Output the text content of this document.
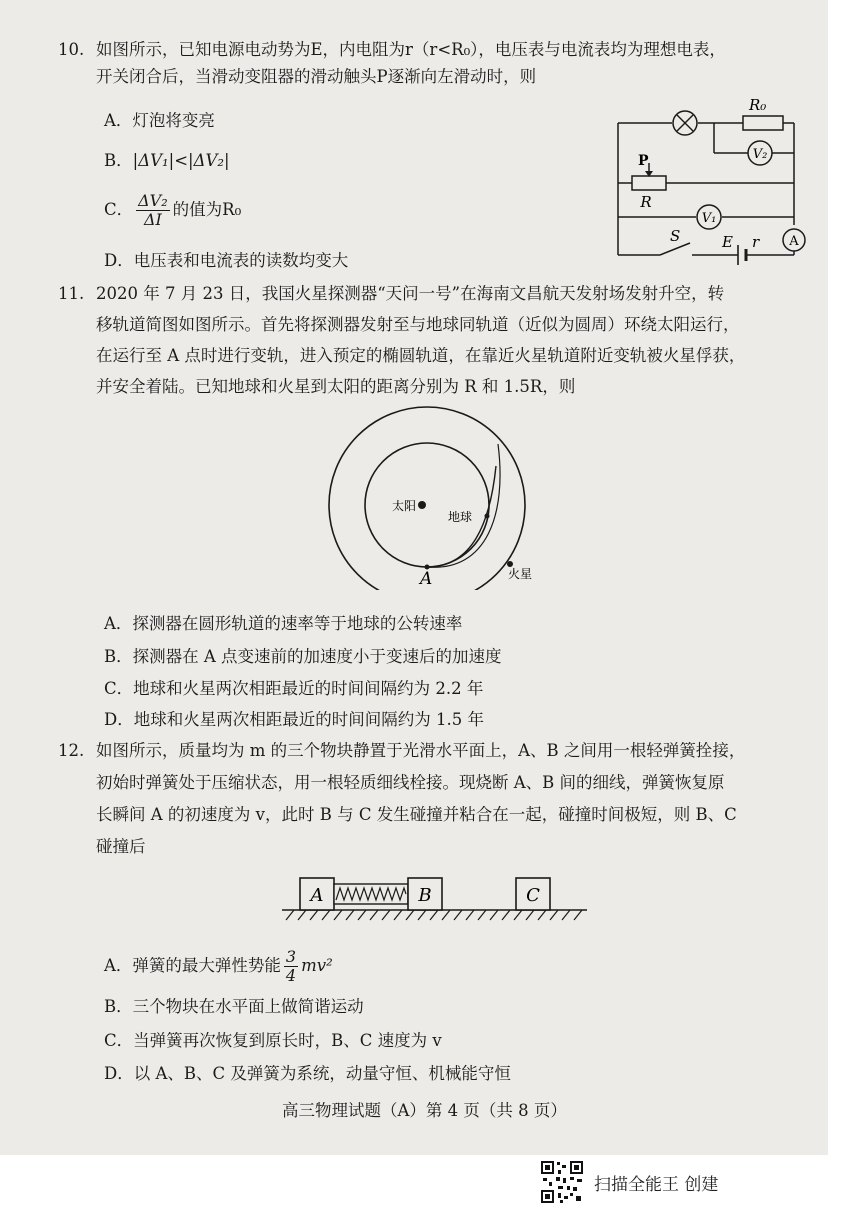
10. 如图所示，已知电源电动势为E，内电阻为r（r<R₀），电压表与电流表均为理想电表，
开关闭合后，当滑动变阻器的滑动触头P逐渐向左滑动时，则
A．灯泡将变亮
B．|ΔV₁|<|ΔV₂|
C． $\frac{\text{ΔV₂}}{\Delta I}$ 的值为R₀
D．电压表和电流表的读数均变大
R₀
V₂
P
R
V₁
A
S	E r
11. 2020 年 7 月 23 日，我国火星探测器“天问一号”在海南文昌航天发射场发射升空，转
移轨道简图如图所示。首先将探测器发射至与地球同轨道（近似为圆周）环绕太阳运行，
在运行至 A 点时进行变轨，进入预定的椭圆轨道，在靠近火星轨道附近变轨被火星俘获，
并安全着陆。已知地球和火星到太阳的距离分别为 R 和 1.5R，则
太阳
地球
火星
A
A．探测器在圆形轨道的速率等于地球的公转速率
B．探测器在 A 点变速前的加速度小于变速后的加速度
C．地球和火星两次相距最近的时间间隔约为 2.2 年
D．地球和火星两次相距最近的时间间隔约为 1.5 年
12. 如图所示，质量均为 m 的三个物块静置于光滑水平面上，A、B 之间用一根轻弹簧拴接，
初始时弹簧处于压缩状态，用一根轻质细线栓接。现烧断 A、B 间的细线，弹簧恢复原
长瞬间 A 的初速度为 v，此时 B 与 C 发生碰撞并粘合在一起，碰撞时间极短，则 B、C
碰撞后
A	B	C
A．弹簧的最大弹性势能 $\frac{3}{4} mv^2$
B．三个物块在水平面上做简谐运动
C．当弹簧再次恢复到原长时，B、C 速度为 v
D．以 A、B、C 及弹簧为系统，动量守恒、机械能守恒
高三物理试题（A）第 4 页（共 8 页）
扫描全能王 创建
